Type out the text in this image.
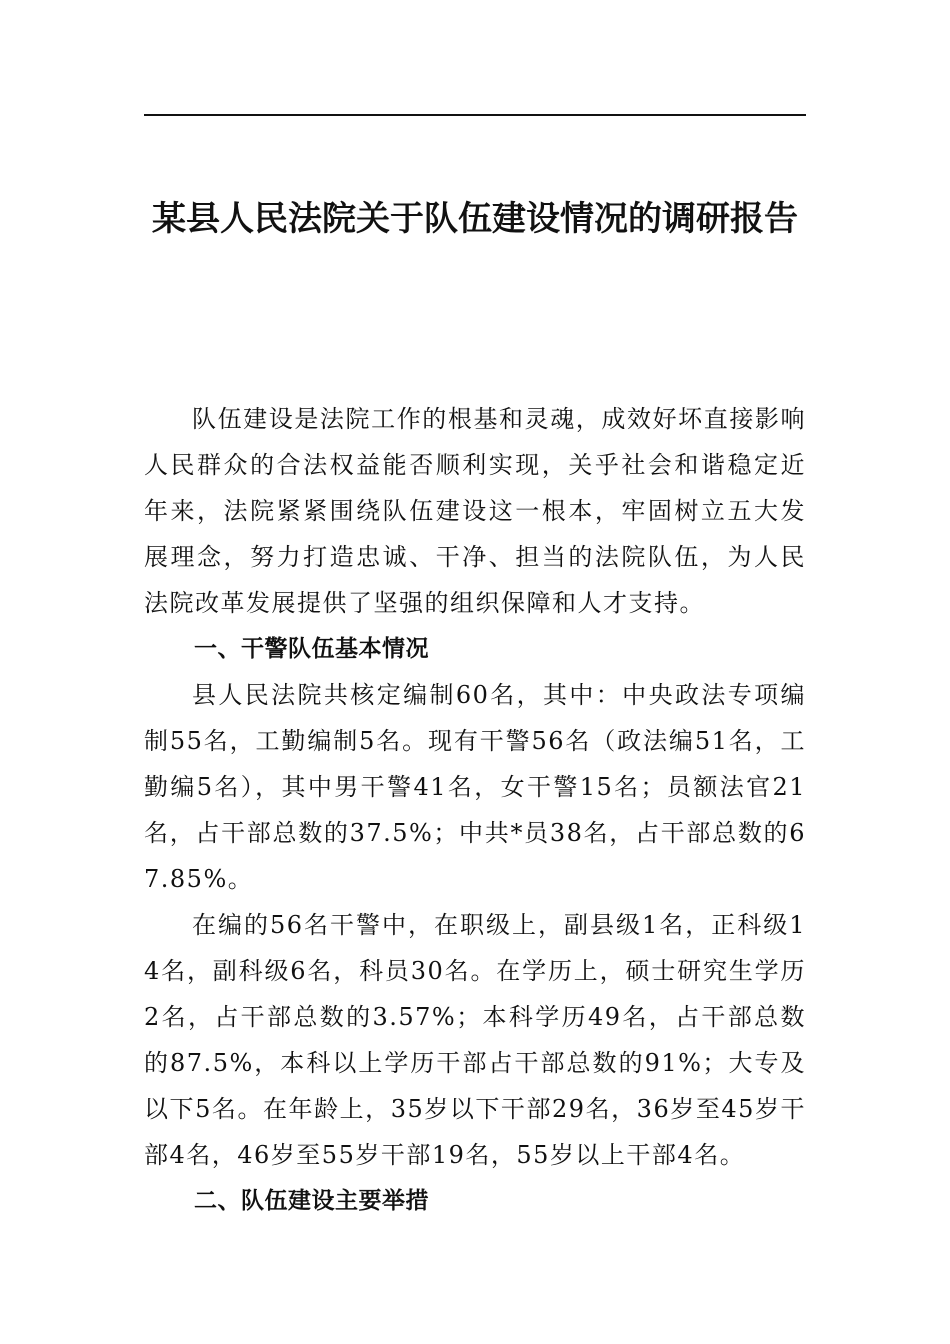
某县人民法院关于队伍建设情况的调研报告

队伍建设是法院工作的根基和灵魂，成效好坏直接影响人民群众的合法权益能否顺利实现，关乎社会和谐稳定近年来，法院紧紧围绕队伍建设这一根本，牢固树立五大发展理念，努力打造忠诚、干净、担当的法院队伍，为人民法院改革发展提供了坚强的组织保障和人才支持。

一、干警队伍基本情况

县人民法院共核定编制60名，其中：中央政法专项编制55名，工勤编制5名。现有干警56名（政法编51名，工勤编5名），其中男干警41名，女干警15名；员额法官21名，占干部总数的37.5%；中共*员38名，占干部总数的67.85%。

在编的56名干警中，在职级上，副县级1名，正科级14名，副科级6名，科员30名。在学历上，硕士研究生学历2名，占干部总数的3.57%；本科学历49名，占干部总数的87.5%，本科以上学历干部占干部总数的91%；大专及以下5名。在年龄上，35岁以下干部29名，36岁至45岁干部4名，46岁至55岁干部19名，55岁以上干部4名。

二、队伍建设主要举措
